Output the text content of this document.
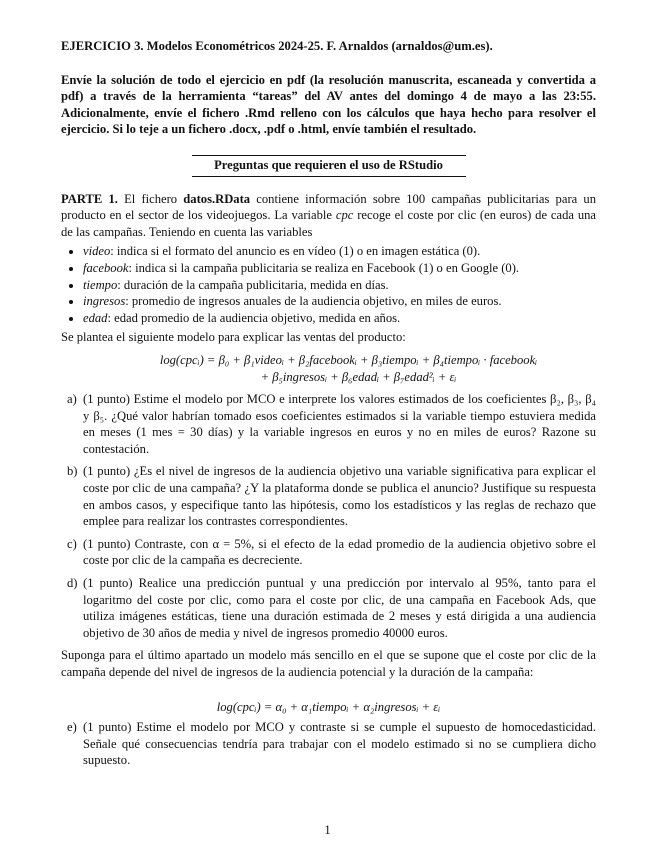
EJERCICIO 3. Modelos Econométricos 2024-25. F. Arnaldos (arnaldos@um.es).

Envíe la solución de todo el ejercicio en pdf (la resolución manuscrita, escaneada y convertida a pdf) a través de la herramienta “tareas” del AV antes del domingo 4 de mayo a las 23:55. Adicionalmente, envíe el fichero .Rmd relleno con los cálculos que haya hecho para resolver el ejercicio. Si lo teje a un fichero .docx, .pdf o .html, envíe también el resultado.

Preguntas que requieren el uso de RStudio

PARTE 1. El fichero datos.RData contiene información sobre 100 campañas publicitarias para un producto en el sector de los videojuegos. La variable cpc recoge el coste por clic (en euros) de cada una de las campañas. Teniendo en cuenta las variables

• video: indica si el formato del anuncio es en vídeo (1) o en imagen estática (0).
• facebook: indica si la campaña publicitaria se realiza en Facebook (1) o en Google (0).
• tiempo: duración de la campaña publicitaria, medida en días.
• ingresos: promedio de ingresos anuales de la audiencia objetivo, en miles de euros.
• edad: edad promedio de la audiencia objetivo, medida en años.

Se plantea el siguiente modelo para explicar las ventas del producto:

log(cpcᵢ) = β₀ + β₁videoᵢ + β₂facebookᵢ + β₃tiempoᵢ + β₄tiempoᵢ · facebookᵢ
+ β₅ingresosᵢ + β₆edadᵢ + β₇edad²ᵢ + εᵢ
a) (1 punto) Estime el modelo por MCO e interprete los valores estimados de los coeficientes β₂, β₃, β₄ y β₅. ¿Qué valor habrían tomado esos coeficientes estimados si la variable tiempo estuviera medida en meses (1 mes = 30 días) y la variable ingresos en euros y no en miles de euros? Razone su contestación.
b) (1 punto) ¿Es el nivel de ingresos de la audiencia objetivo una variable significativa para explicar el coste por clic de una campaña? ¿Y la plataforma donde se publica el anuncio? Justifique su respuesta en ambos casos, y especifique tanto las hipótesis, como los estadísticos y las reglas de rechazo que emplee para realizar los contrastes correspondientes.
c) (1 punto) Contraste, con α = 5%, si el efecto de la edad promedio de la audiencia objetivo sobre el coste por clic de la campaña es decreciente.
d) (1 punto) Realice una predicción puntual y una predicción por intervalo al 95%, tanto para el logaritmo del coste por clic, como para el coste por clic, de una campaña en Facebook Ads, que utiliza imágenes estáticas, tiene una duración estimada de 2 meses y está dirigida a una audiencia objetivo de 30 años de media y nivel de ingresos promedio 40000 euros.

Suponga para el último apartado un modelo más sencillo en el que se supone que el coste por clic de la campaña depende del nivel de ingresos de la audiencia potencial y la duración de la campaña:

log(cpcᵢ) = α₀ + α₁tiempoᵢ + α₂ingresosᵢ + εᵢ
e) (1 punto) Estime el modelo por MCO y contraste si se cumple el supuesto de homocedasticidad. Señale qué consecuencias tendría para trabajar con el modelo estimado si no se cumpliera dicho supuesto.
1
